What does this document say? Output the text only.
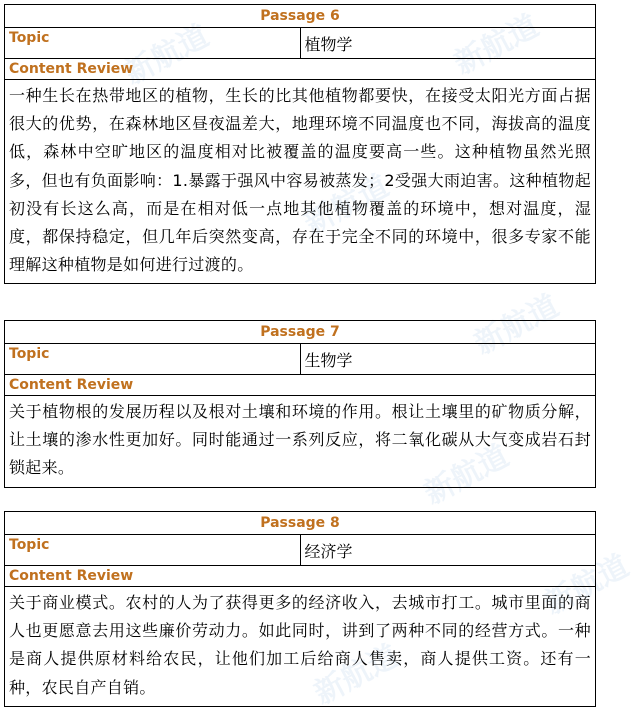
新航道	新航道
新航道
新航道
新航道
新航道
新航道
Passage 6
Topic	植物学
Content Review
一种生长在热带地区的植物，生长的比其他植物都要快，在接受太阳光方面占据很大的优势，在森林地区昼夜温差大，地理环境不同温度也不同，海拔高的温度低，森林中空旷地区的温度相对比被覆盖的温度要高一些。这种植物虽然光照多，但也有负面影响：1.暴露于强风中容易被蒸发；2受强大雨迫害。这种植物起初没有长这么高，而是在相对低一点地其他植物覆盖的环境中，想对温度，湿度，都保持稳定，但几年后突然变高，存在于完全不同的环境中，很多专家不能理解这种植物是如何进行过渡的。
Passage 7
Topic	生物学
Content Review
关于植物根的发展历程以及根对土壤和环境的作用。根让土壤里的矿物质分解，让土壤的渗水性更加好。同时能通过一系列反应，将二氧化碳从大气变成岩石封锁起来。
Passage 8
Topic	经济学
Content Review
关于商业模式。农村的人为了获得更多的经济收入，去城市打工。城市里面的商人也更愿意去用这些廉价劳动力。如此同时，讲到了两种不同的经营方式。一种是商人提供原材料给农民，让他们加工后给商人售卖，商人提供工资。还有一种，农民自产自销。
